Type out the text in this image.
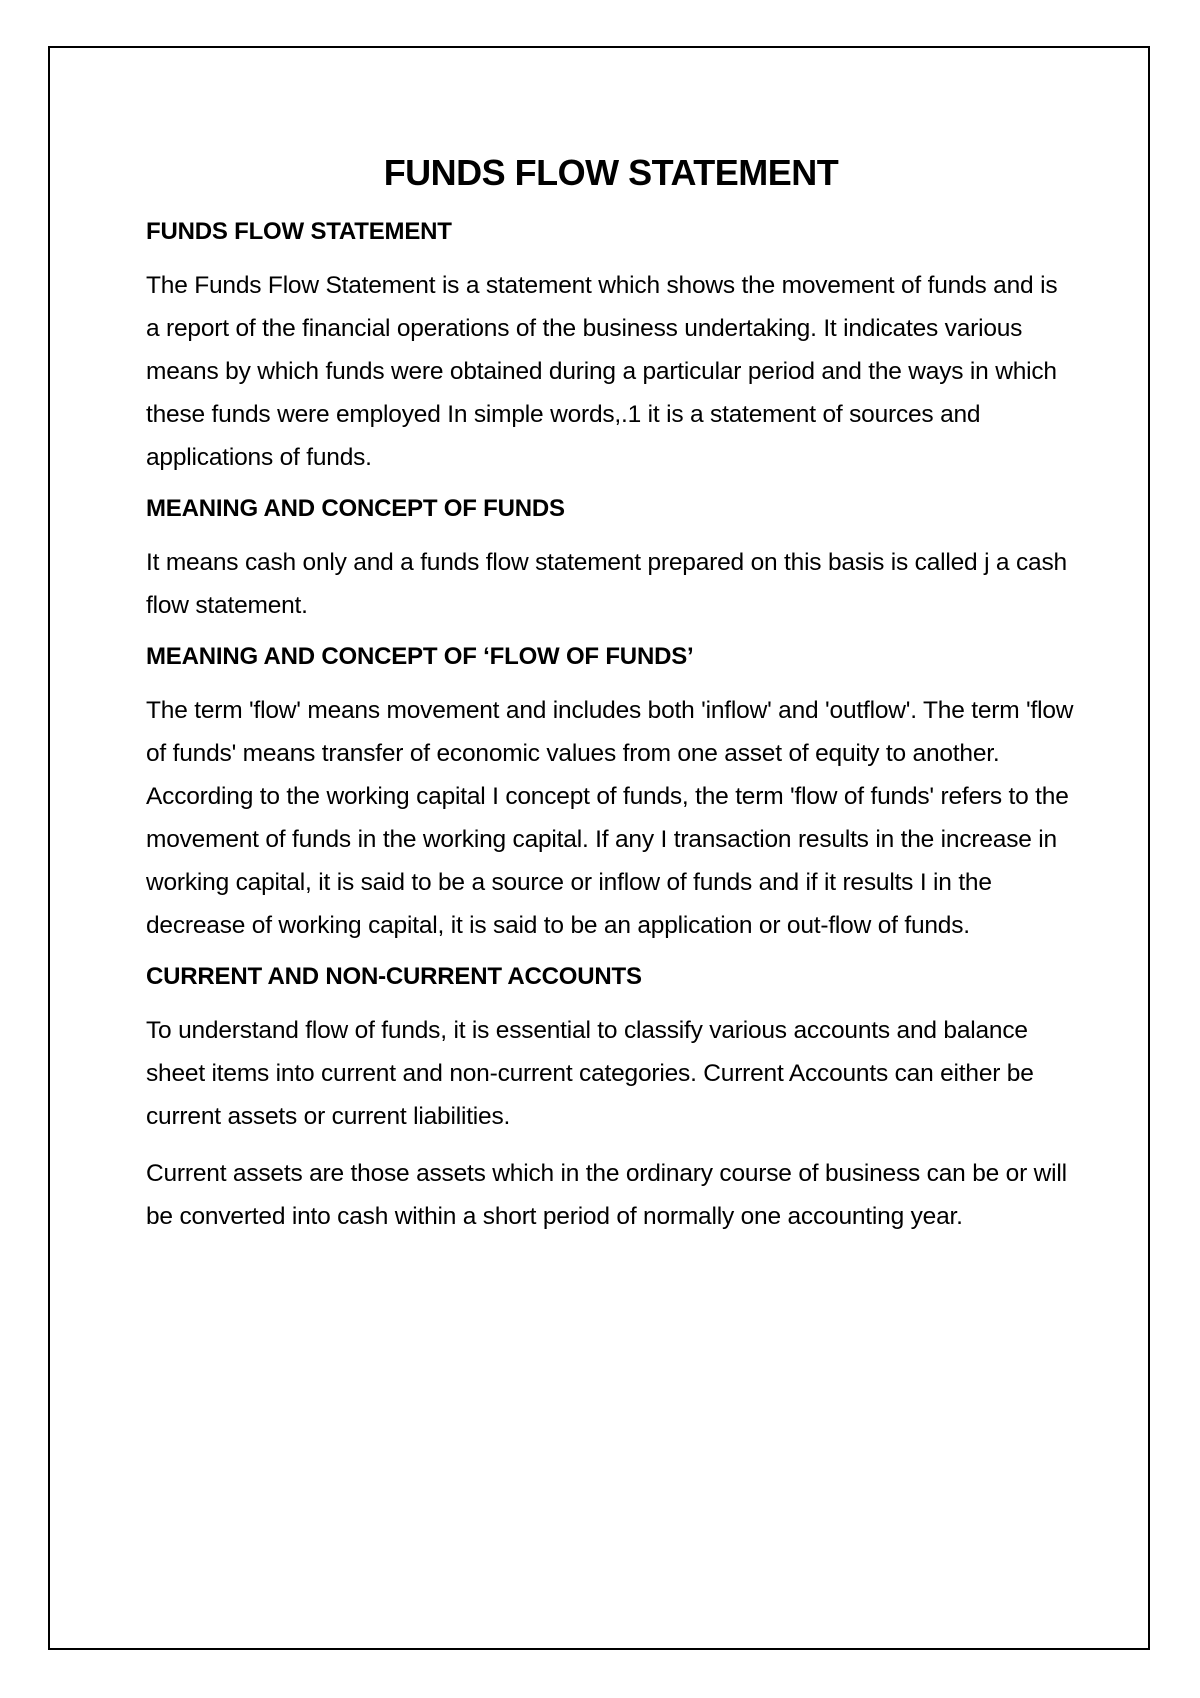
FUNDS FLOW STATEMENT
FUNDS FLOW STATEMENT

The Funds Flow Statement is a statement which shows the movement of funds and is a report of the financial operations of the business undertaking. It indicates various means by which funds were obtained during a particular period and the ways in which these funds were employed In simple words,.1 it is a statement of sources and applications of funds.

MEANING AND CONCEPT OF FUNDS

It means cash only and a funds flow statement prepared on this basis is called j a cash flow statement.

MEANING AND CONCEPT OF ‘FLOW OF FUNDS’

The term 'flow' means movement and includes both 'inflow' and 'outflow'. The term 'flow of funds' means transfer of economic values from one asset of equity to another. According to the working capital I concept of funds, the term 'flow of funds' refers to the movement of funds in the working capital. If any I transaction results in the increase in working capital, it is said to be a source or inflow of funds and if it results I in the decrease of working capital, it is said to be an application or out-flow of funds.

CURRENT AND NON-CURRENT ACCOUNTS

To understand flow of funds, it is essential to classify various accounts and balance sheet items into current and non-current categories. Current Accounts can either be current assets or current liabilities.

Current assets are those assets which in the ordinary course of business can be or will be converted into cash within a short period of normally one accounting year.
